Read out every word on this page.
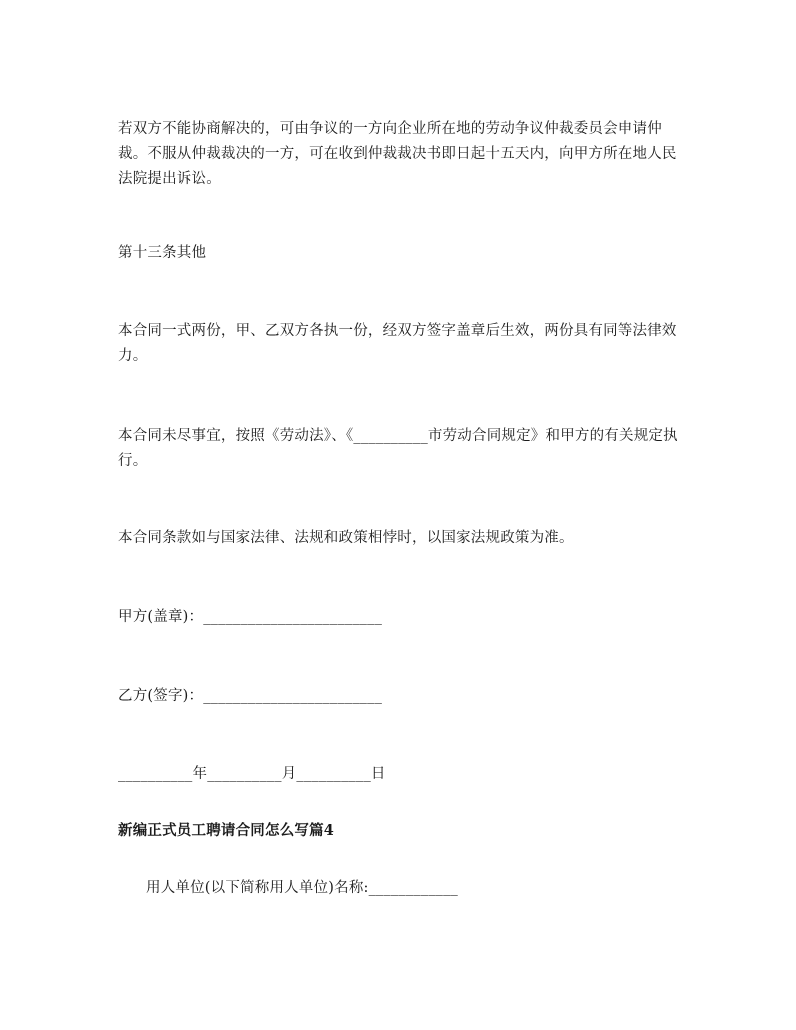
若双方不能协商解决的，可由争议的一方向企业所在地的劳动争议仲裁委员会申请仲裁。不服从仲裁裁决的一方，可在收到仲裁裁决书即日起十五天内，向甲方所在地人民法院提出诉讼。

第十三条其他

本合同一式两份，甲、乙双方各执一份，经双方签字盖章后生效，两份具有同等法律效力。

本合同未尽事宜，按照《劳动法》、《__________市劳动合同规定》和甲方的有关规定执行。

本合同条款如与国家法律、法规和政策相悖时，以国家法规政策为准。

甲方(盖章)：________________________

乙方(签字)：________________________

__________年__________月__________日

新编正式员工聘请合同怎么写篇4

用人单位(以下简称用人单位)名称:____________
